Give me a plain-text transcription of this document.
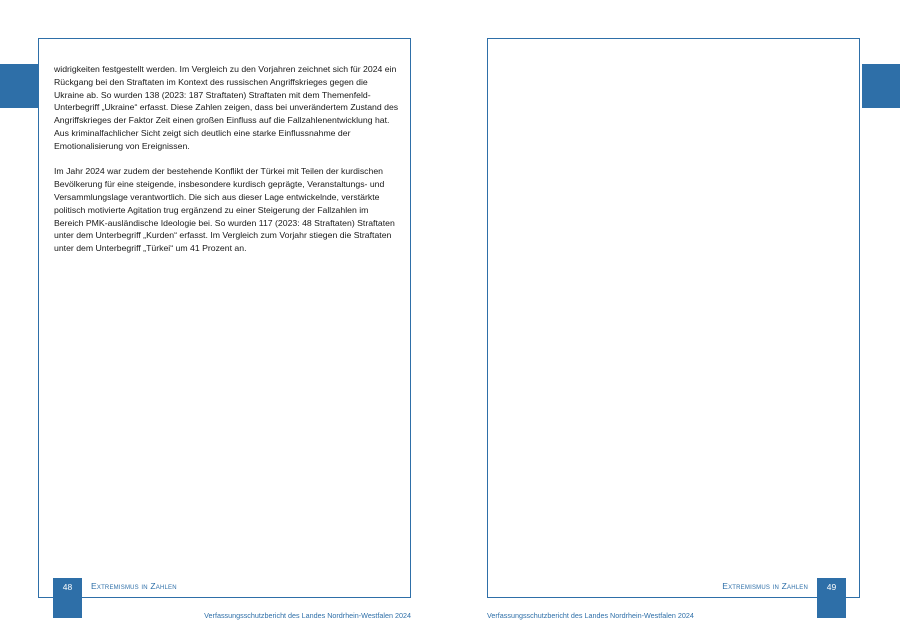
widrigkeiten festgestellt werden. Im Vergleich zu den Vorjahren zeichnet sich für 2024 ein Rückgang bei den Straftaten im Kontext des russischen Angriffskrieges gegen die Ukraine ab. So wurden 138 (2023: 187 Straftaten) Straftaten mit dem Themenfeld-Unterbegriff „Ukraine“ erfasst. Diese Zahlen zeigen, dass bei unverändertem Zustand des Angriffskrieges der Faktor Zeit einen großen Einfluss auf die Fallzahlenentwicklung hat. Aus kriminalfachlicher Sicht zeigt sich deutlich eine starke Einflussnahme der Emotionalisierung von Ereignissen.

Im Jahr 2024 war zudem der bestehende Konflikt der Türkei mit Teilen der kurdischen Bevölkerung für eine steigende, insbesondere kurdisch geprägte, Veranstaltungs- und Versammlungslage verantwortlich. Die sich aus dieser Lage entwickelnde, verstärkte politisch motivierte Agitation trug ergänzend zu einer Steigerung der Fallzahlen im Bereich PMK-ausländische Ideologie bei. So wurden 117 (2023: 48 Straftaten) Straftaten unter dem Unterbegriff „Kurden“ erfasst. Im Vergleich zum Vorjahr stiegen die Straftaten unter dem Unterbegriff „Türkei“ um 41 Prozent an.

48	Extremismus in Zahlen
Verfassungsschutzbericht des Landes Nordrhein-Westfalen 2024
Extremismus in Zahlen	49
Verfassungsschutzbericht des Landes Nordrhein-Westfalen 2024
